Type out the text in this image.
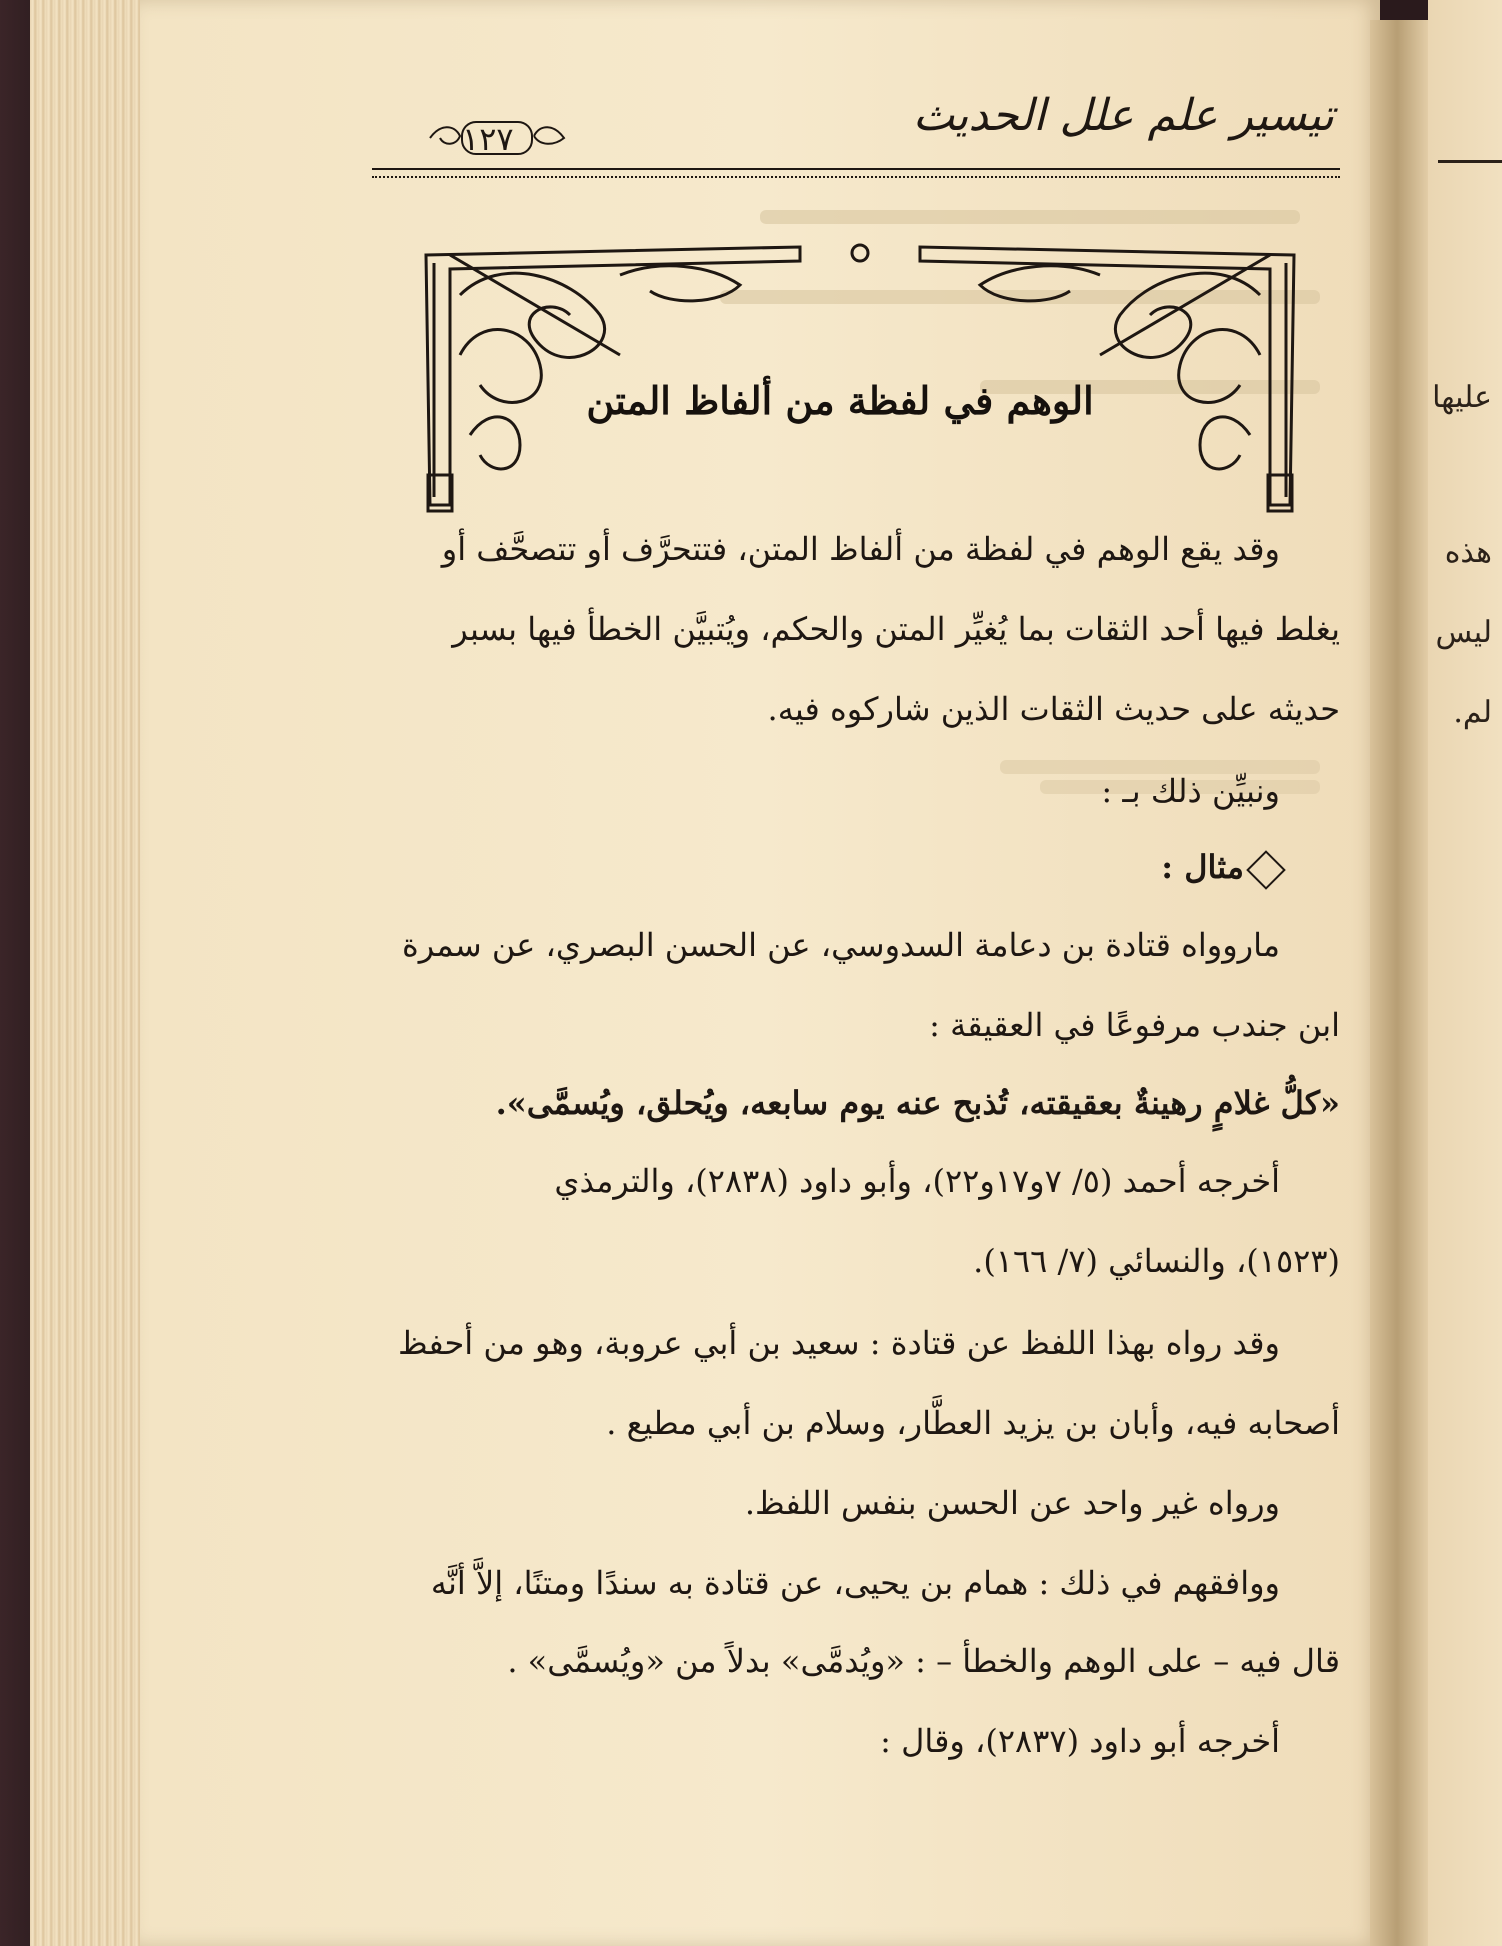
عليها
هذه
ليس
لم.
تيسير علم علل الحديث
١٢٧
الوهم في لفظة من ألفاظ المتن
وقد يقع الوهم في لفظة من ألفاظ المتن، فتتحرَّف أو تتصحَّف أو
يغلط فيها أحد الثقات بما يُغيِّر المتن والحكم، ويُتبيَّن الخطأ فيها بسبر
حديثه على حديث الثقات الذين شاركوه فيه.
ونبيِّن ذلك بـ :
مثال :
ماروواه قتادة بن دعامة السدوسي، عن الحسن البصري، عن سمرة
ابن جندب مرفوعًا في العقيقة :
«كلُّ غلامٍ رهينةٌ بعقيقته، تُذبح عنه يوم سابعه، ويُحلق، ويُسمَّى».
أخرجه أحمد (٥/ ٧و١٧و٢٢)، وأبو داود (٢٨٣٨)، والترمذي
(١٥٢٣)، والنسائي (٧/ ١٦٦).
وقد رواه بهذا اللفظ عن قتادة : سعيد بن أبي عروبة، وهو من أحفظ
أصحابه فيه، وأبان بن يزيد العطَّار، وسلام بن أبي مطيع .
ورواه غير واحد عن الحسن بنفس اللفظ.
ووافقهم في ذلك : همام بن يحيى، عن قتادة به سندًا ومتنًا، إلاَّ أنَّه
قال فيه – على الوهم والخطأ – : «ويُدمَّى» بدلاً من «ويُسمَّى» .
أخرجه أبو داود (٢٨٣٧)، وقال :
